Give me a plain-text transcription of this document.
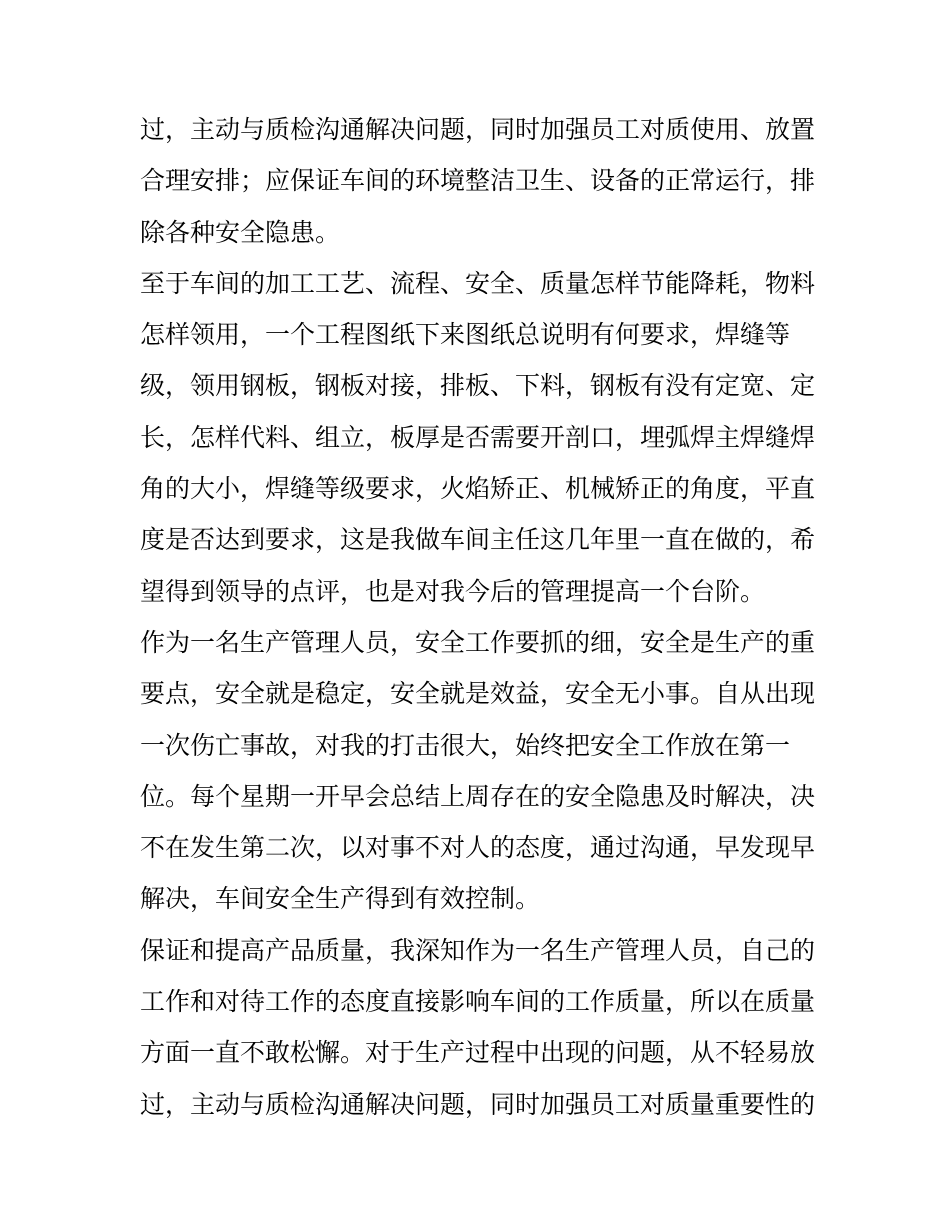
过，主动与质检沟通解决问题，同时加强员工对质使用、放置
合理安排；应保证车间的环境整洁卫生、设备的正常运行，排
除各种安全隐患。
至于车间的加工工艺、流程、安全、质量怎样节能降耗，物料
怎样领用，一个工程图纸下来图纸总说明有何要求，焊缝等
级，领用钢板，钢板对接，排板、下料，钢板有没有定宽、定
长，怎样代料、组立，板厚是否需要开剖口，埋弧焊主焊缝焊
角的大小，焊缝等级要求，火焰矫正、机械矫正的角度，平直
度是否达到要求，这是我做车间主任这几年里一直在做的，希
望得到领导的点评，也是对我今后的管理提高一个台阶。
作为一名生产管理人员，安全工作要抓的细，安全是生产的重
要点，安全就是稳定，安全就是效益，安全无小事。自从出现
一次伤亡事故，对我的打击很大，始终把安全工作放在第一
位。每个星期一开早会总结上周存在的安全隐患及时解决，决
不在发生第二次，以对事不对人的态度，通过沟通，早发现早
解决，车间安全生产得到有效控制。
保证和提高产品质量，我深知作为一名生产管理人员，自己的
工作和对待工作的态度直接影响车间的工作质量，所以在质量
方面一直不敢松懈。对于生产过程中出现的问题，从不轻易放
过，主动与质检沟通解决问题，同时加强员工对质量重要性的
